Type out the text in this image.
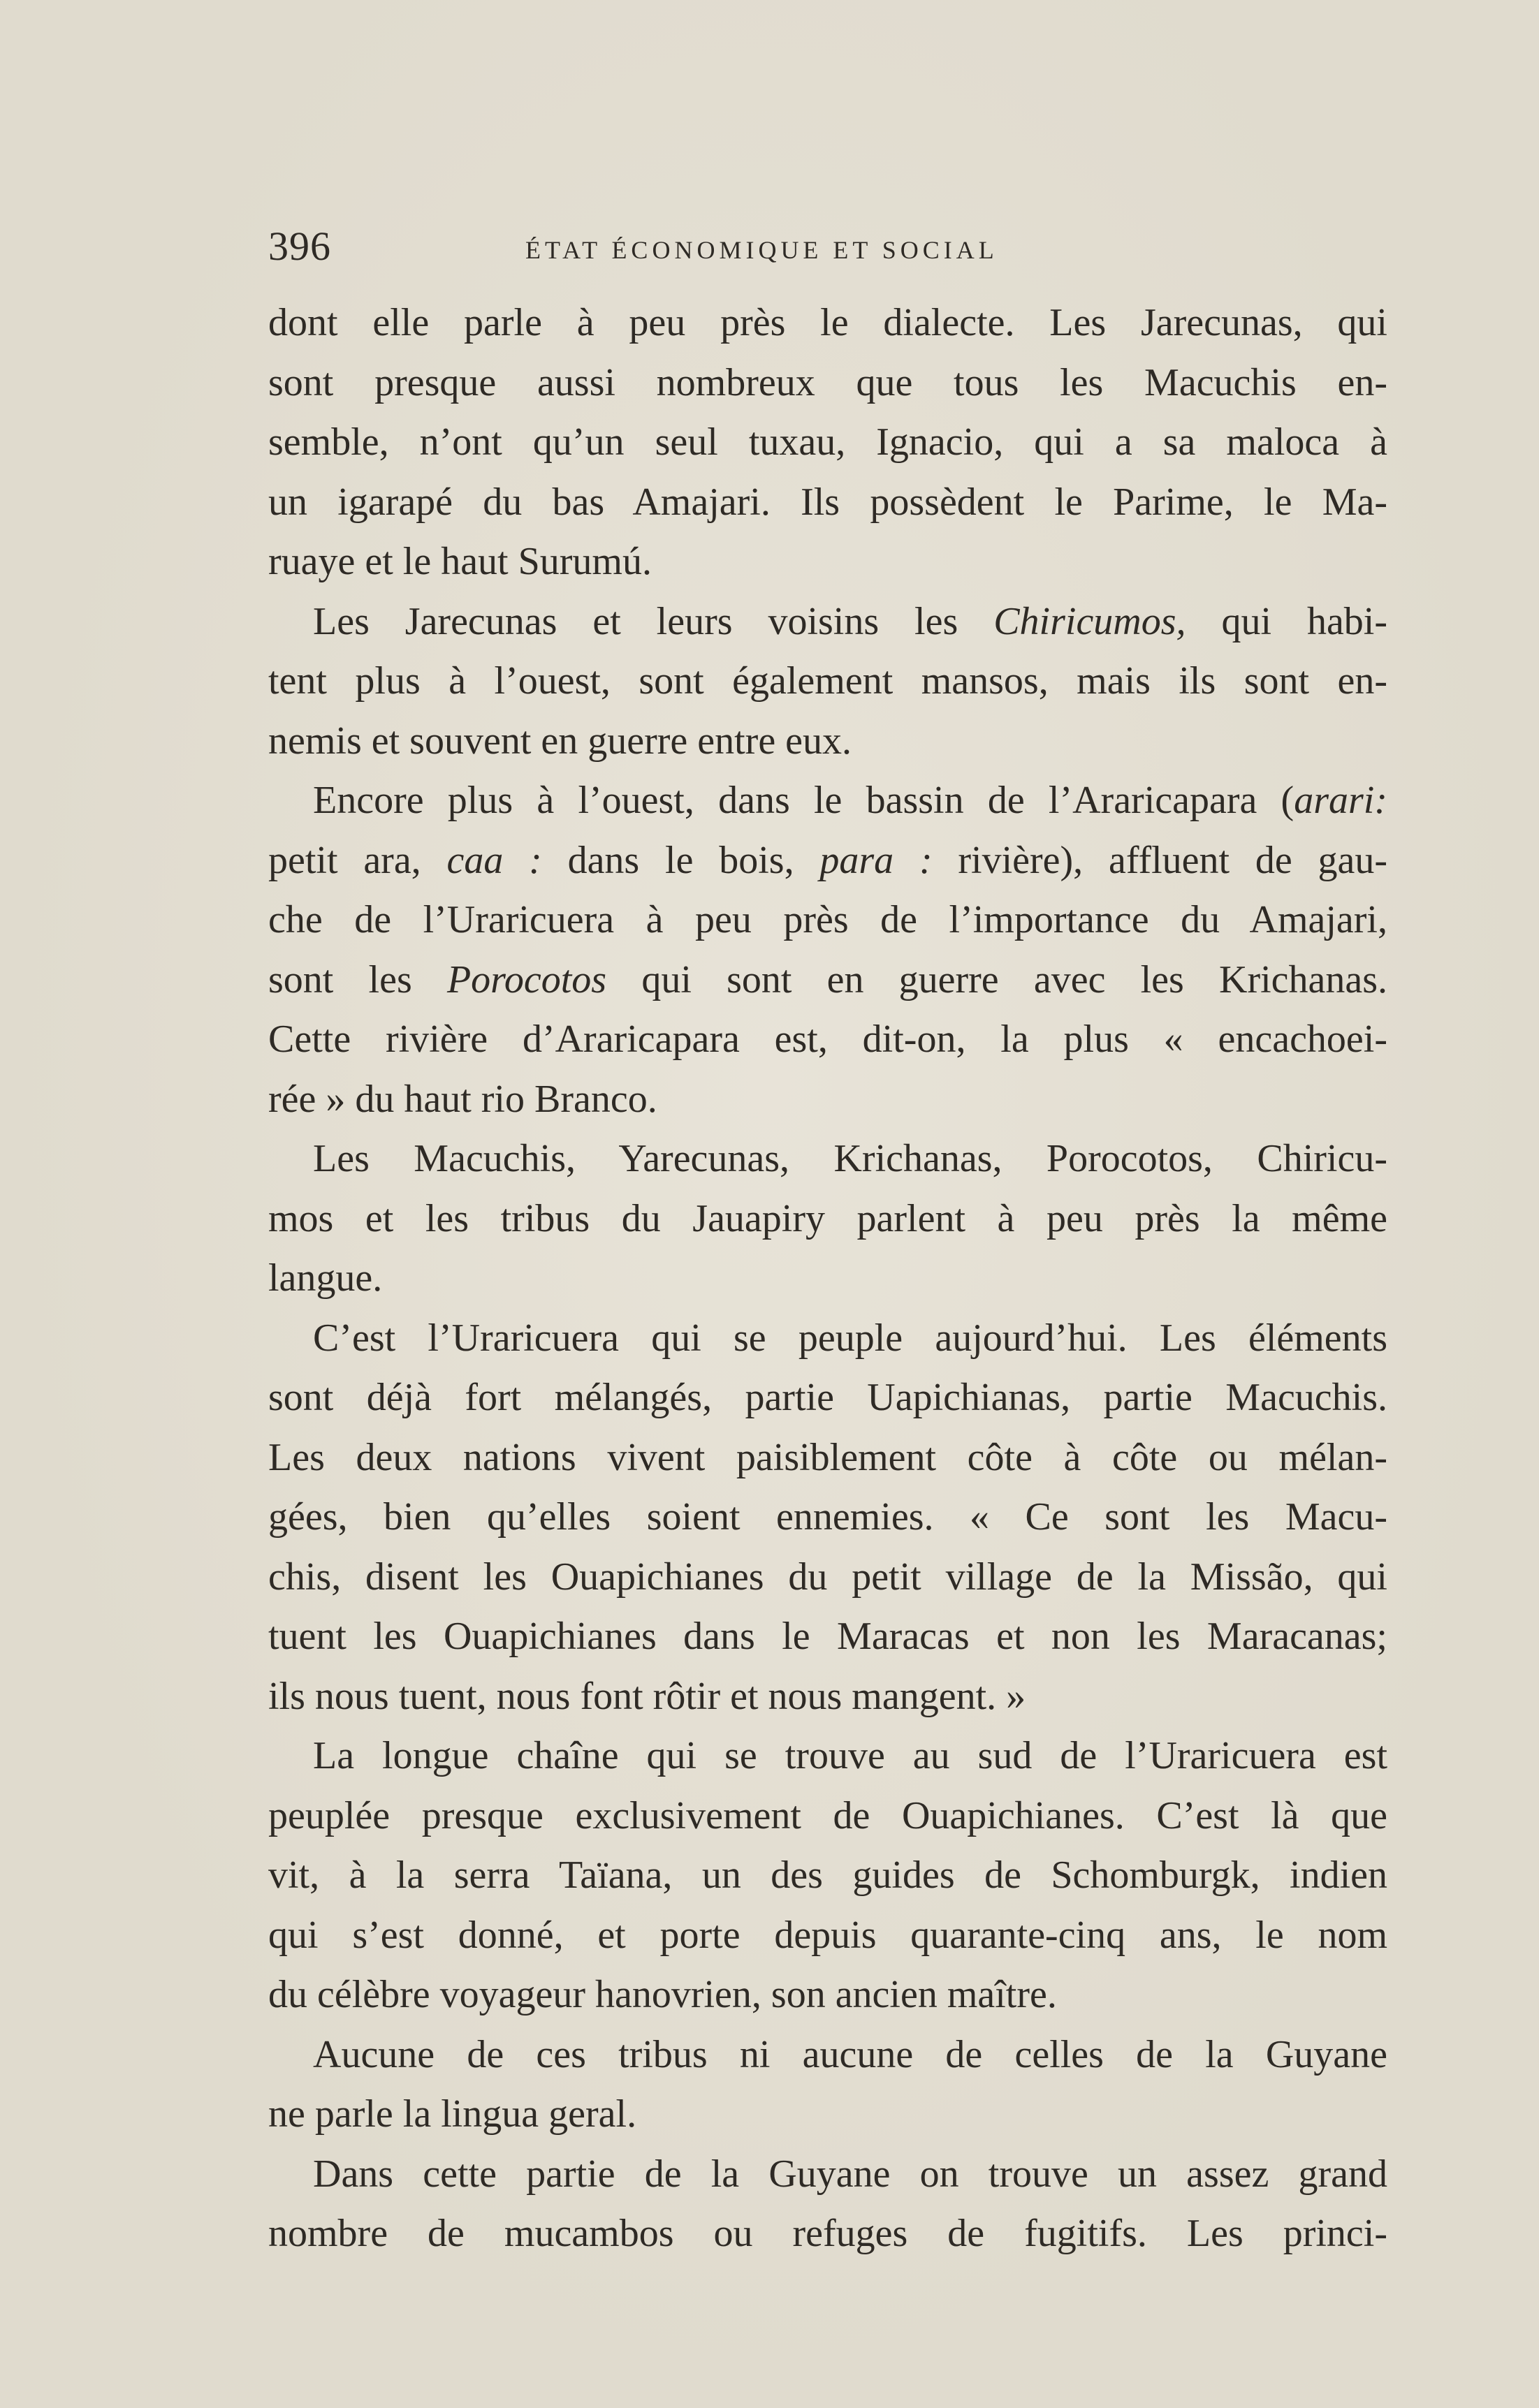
396	ÉTAT ÉCONOMIQUE ET SOCIAL
dont elle parle à peu près le dialecte. Les Jarecunas, qui
sont presque aussi nombreux que tous les Macuchis en-
semble, n’ont qu’un seul tuxau, Ignacio, qui a sa maloca à
un igarapé du bas Amajari. Ils possèdent le Parime, le Ma-
ruaye et le haut Surumú.
Les Jarecunas et leurs voisins les Chiricumos, qui habi-
tent plus à l’ouest, sont également mansos, mais ils sont en-
nemis et souvent en guerre entre eux.
Encore plus à l’ouest, dans le bassin de l’Araricapara (arari:
petit ara, caa : dans le bois, para : rivière), affluent de gau-
che de l’Uraricuera à peu près de l’importance du Amajari,
sont les Porocotos qui sont en guerre avec les Krichanas.
Cette rivière d’Araricapara est, dit-on, la plus « encachoei-
rée » du haut rio Branco.
Les Macuchis, Yarecunas, Krichanas, Porocotos, Chiricu-
mos et les tribus du Jauapiry parlent à peu près la même
langue.
C’est l’Uraricuera qui se peuple aujourd’hui. Les éléments
sont déjà fort mélangés, partie Uapichianas, partie Macuchis.
Les deux nations vivent paisiblement côte à côte ou mélan-
gées, bien qu’elles soient ennemies. « Ce sont les Macu-
chis, disent les Ouapichianes du petit village de la Missão, qui
tuent les Ouapichianes dans le Maracas et non les Maracanas;
ils nous tuent, nous font rôtir et nous mangent. »
La longue chaîne qui se trouve au sud de l’Uraricuera est
peuplée presque exclusivement de Ouapichianes. C’est là que
vit, à la serra Taïana, un des guides de Schomburgk, indien
qui s’est donné, et porte depuis quarante-cinq ans, le nom
du célèbre voyageur hanovrien, son ancien maître.
Aucune de ces tribus ni aucune de celles de la Guyane
ne parle la lingua geral.
Dans cette partie de la Guyane on trouve un assez grand
nombre de mucambos ou refuges de fugitifs. Les princi-
